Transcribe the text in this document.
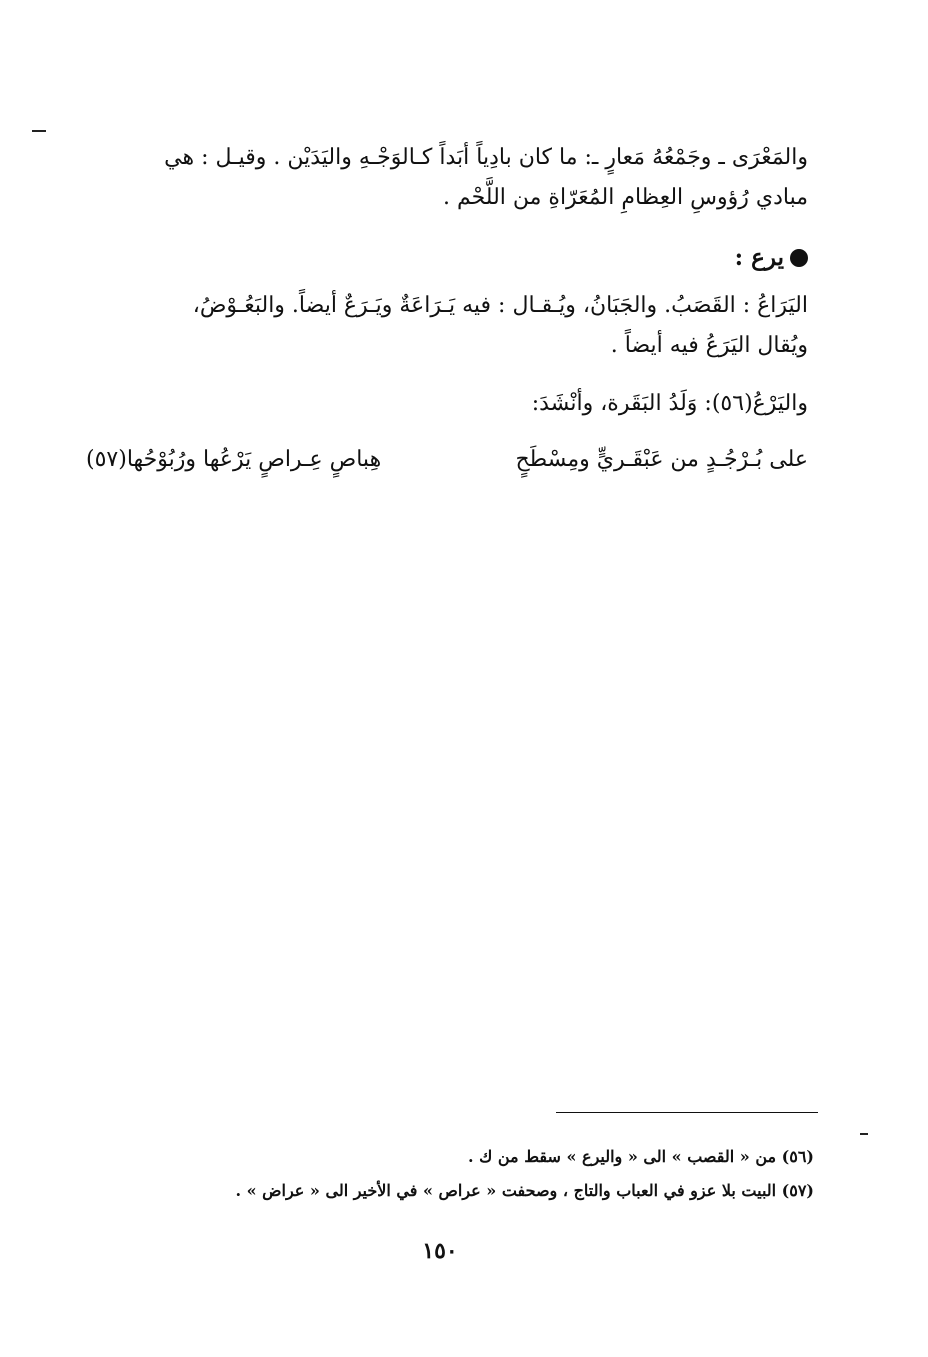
والمَعْرَى ـ وجَمْعُهُ مَعارٍ ـ: ما كان بادِياً أبَداً كـالوَجْـهِ واليَدَيْن . وقيـل : هي

مبادي رُؤوسِ العِظامِ المُعَرّاةِ من اللَّحْم .

يرع :

اليَرَاعُ : القَصَبُ. والجَبَانُ، ويُـقـال : فيه يَـرَاعَةٌ ويَـرَعٌ أيضاً. والبَعُـوْضُ،

ويُقال اليَرَعُ فيه أيضاً .

واليَرْعُ(٥٦): وَلَدُ البَقَرة، وأنْشَدَ:

على بُـرْجُـدٍ من عَبْقَـريٍّ ومِسْطَحٍ
هِباصٍ عِـراصٍ يَرْعُها ورُبُوْحُها(٥٧)

(٥٦) من « القصب » الى « واليرع » سقط من ك .

(٥٧) البيت بلا عزو في العباب والتاج ، وصحفت « عراص » في الأخير الى « عراض » .

١٥٠
